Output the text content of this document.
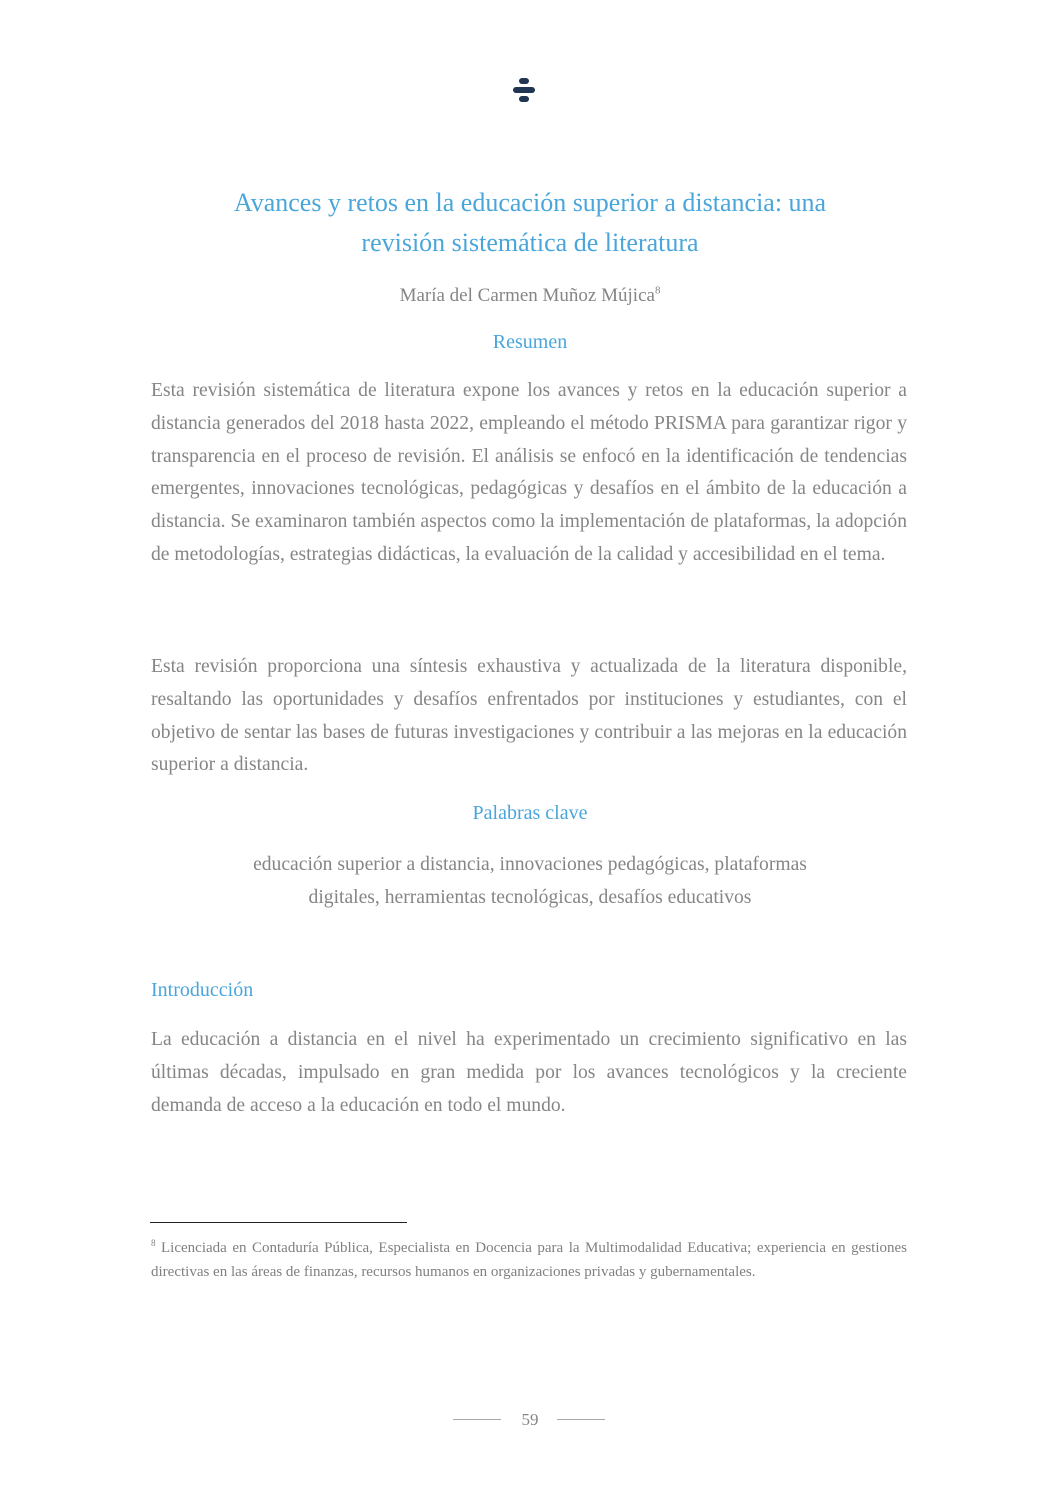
Avances y retos en la educación superior a distancia: una
revisión sistemática de literatura
María del Carmen Muñoz Mújica$^8$
Resumen

Esta revisión sistemática de literatura expone los avances y retos en la educación superior a distancia generados del 2018 hasta 2022, empleando el método PRISMA para garantizar rigor y transparencia en el proceso de revisión. El análisis se enfocó en la identificación de tendencias emergentes, innovaciones tecnológicas, pedagógicas y desafíos en el ámbito de la educación a distancia. Se examinaron también aspectos como la implementación de plataformas, la adopción de metodologías, estrategias didácticas, la evaluación de la calidad y accesibilidad en el tema.

Esta revisión proporciona una síntesis exhaustiva y actualizada de la literatura disponible, resaltando las oportunidades y desafíos enfrentados por instituciones y estudiantes, con el objetivo de sentar las bases de futuras investigaciones y contribuir a las mejoras en la educación superior a distancia.

Palabras clave
educación superior a distancia, innovaciones pedagógicas, plataformas
digitales, herramientas tecnológicas, desafíos educativos
Introducción

La educación a distancia en el nivel ha experimentado un crecimiento significativo en las últimas décadas, impulsado en gran medida por los avances tecnológicos y la creciente demanda de acceso a la educación en todo el mundo.

$^8$ Licenciada en Contaduría Pública, Especialista en Docencia para la Multimodalidad Educativa; experiencia en gestiones directivas en las áreas de finanzas, recursos humanos en organizaciones privadas y gubernamentales.

59
